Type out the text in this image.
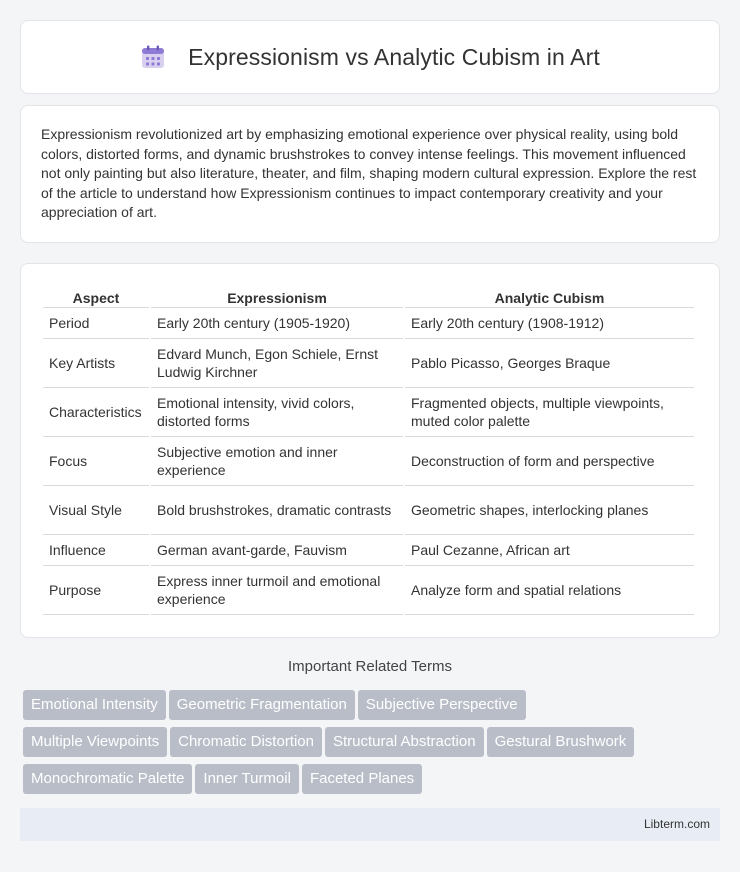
Expressionism vs Analytic Cubism in Art

Expressionism revolutionized art by emphasizing emotional experience over physical reality, using bold colors, distorted forms, and dynamic brushstrokes to convey intense feelings. This movement influenced not only painting but also literature, theater, and film, shaping modern cultural expression. Explore the rest of the article to understand how Expressionism continues to impact contemporary creativity and your appreciation of art.

Aspect	Expressionism	Analytic Cubism
Period	Early 20th century (1905-1920)	Early 20th century (1908-1912)
Key Artists	Edvard Munch, Egon Schiele, Ernst Ludwig Kirchner	Pablo Picasso, Georges Braque
Characteristics	Emotional intensity, vivid colors, distorted forms	Fragmented objects, multiple viewpoints, muted color palette
Focus	Subjective emotion and inner experience	Deconstruction of form and perspective
Visual Style	Bold brushstrokes, dramatic contrasts	Geometric shapes, interlocking planes
Influence	German avant-garde, Fauvism	Paul Cezanne, African art
Purpose	Express inner turmoil and emotional experience	Analyze form and spatial relations
Important Related Terms
Emotional Intensity Geometric Fragmentation Subjective Perspective
Multiple Viewpoints Chromatic Distortion Structural Abstraction Gestural Brushwork
Monochromatic Palette Inner Turmoil Faceted Planes
Libterm.com
